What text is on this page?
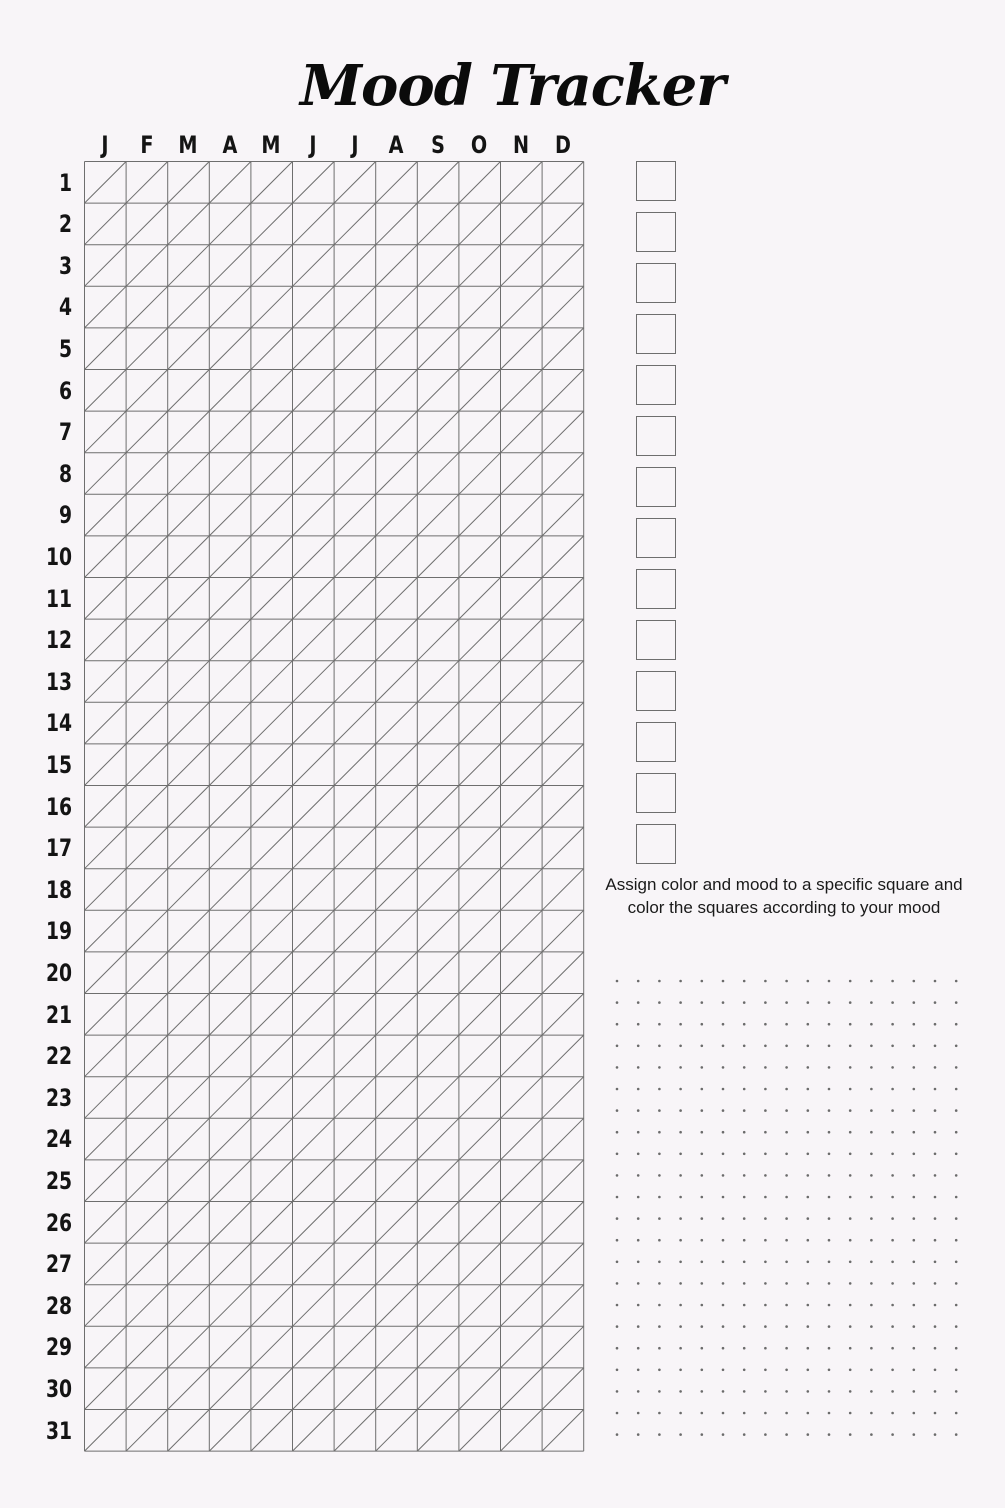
Mood Tracker
J	F	M	A	M	J	J	A	S	O	N	D
1
2
3
4
5
6
7
8
9
10
11
12
13
14
15
16
17
18
19
20
21
22
23
24
25
26
27
28
29
30
31
Assign color and mood to a specific square and color the squares according to your mood
